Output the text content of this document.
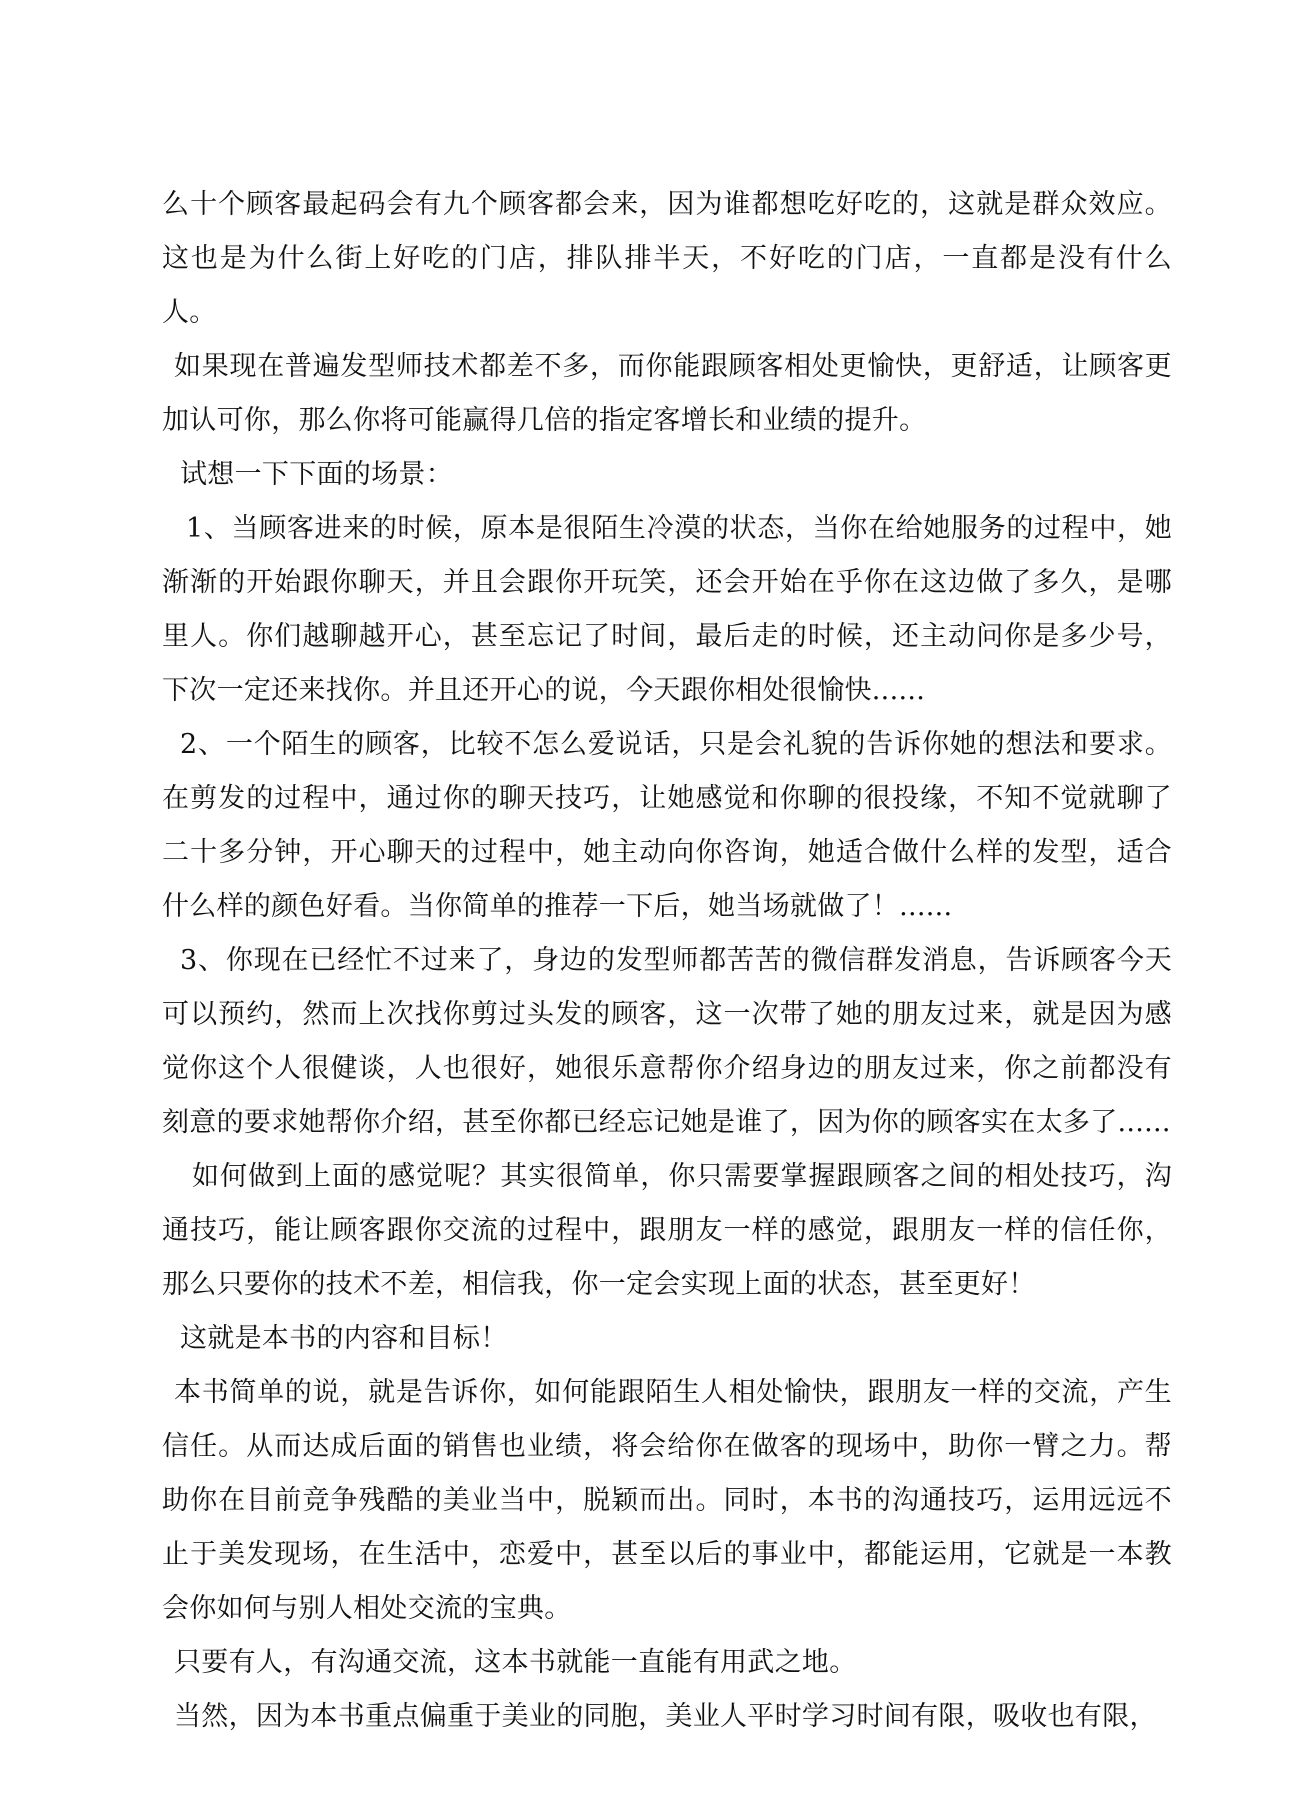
么十个顾客最起码会有九个顾客都会来，因为谁都想吃好吃的，这就是群众效应。这也是为什么街上好吃的门店，排队排半天，不好吃的门店，一直都是没有什么人。

如果现在普遍发型师技术都差不多，而你能跟顾客相处更愉快，更舒适，让顾客更加认可你，那么你将可能赢得几倍的指定客增长和业绩的提升。

试想一下下面的场景：

1、当顾客进来的时候，原本是很陌生冷漠的状态，当你在给她服务的过程中，她渐渐的开始跟你聊天，并且会跟你开玩笑，还会开始在乎你在这边做了多久，是哪里人。你们越聊越开心，甚至忘记了时间，最后走的时候，还主动问你是多少号，下次一定还来找你。并且还开心的说，今天跟你相处很愉快......

2、一个陌生的顾客，比较不怎么爱说话，只是会礼貌的告诉你她的想法和要求。在剪发的过程中，通过你的聊天技巧，让她感觉和你聊的很投缘，不知不觉就聊了二十多分钟，开心聊天的过程中，她主动向你咨询，她适合做什么样的发型，适合什么样的颜色好看。当你简单的推荐一下后，她当场就做了！......

3、你现在已经忙不过来了，身边的发型师都苦苦的微信群发消息，告诉顾客今天可以预约，然而上次找你剪过头发的顾客，这一次带了她的朋友过来，就是因为感觉你这个人很健谈，人也很好，她很乐意帮你介绍身边的朋友过来，你之前都没有刻意的要求她帮你介绍，甚至你都已经忘记她是谁了，因为你的顾客实在太多了......

如何做到上面的感觉呢？其实很简单，你只需要掌握跟顾客之间的相处技巧，沟通技巧，能让顾客跟你交流的过程中，跟朋友一样的感觉，跟朋友一样的信任你，那么只要你的技术不差，相信我，你一定会实现上面的状态，甚至更好！

这就是本书的内容和目标！

本书简单的说，就是告诉你，如何能跟陌生人相处愉快，跟朋友一样的交流，产生信任。从而达成后面的销售也业绩，将会给你在做客的现场中，助你一臂之力。帮助你在目前竞争残酷的美业当中，脱颖而出。同时，本书的沟通技巧，运用远远不止于美发现场，在生活中，恋爱中，甚至以后的事业中，都能运用，它就是一本教会你如何与别人相处交流的宝典。

只要有人，有沟通交流，这本书就能一直能有用武之地。

当然，因为本书重点偏重于美业的同胞，美业人平时学习时间有限，吸收也有限，
